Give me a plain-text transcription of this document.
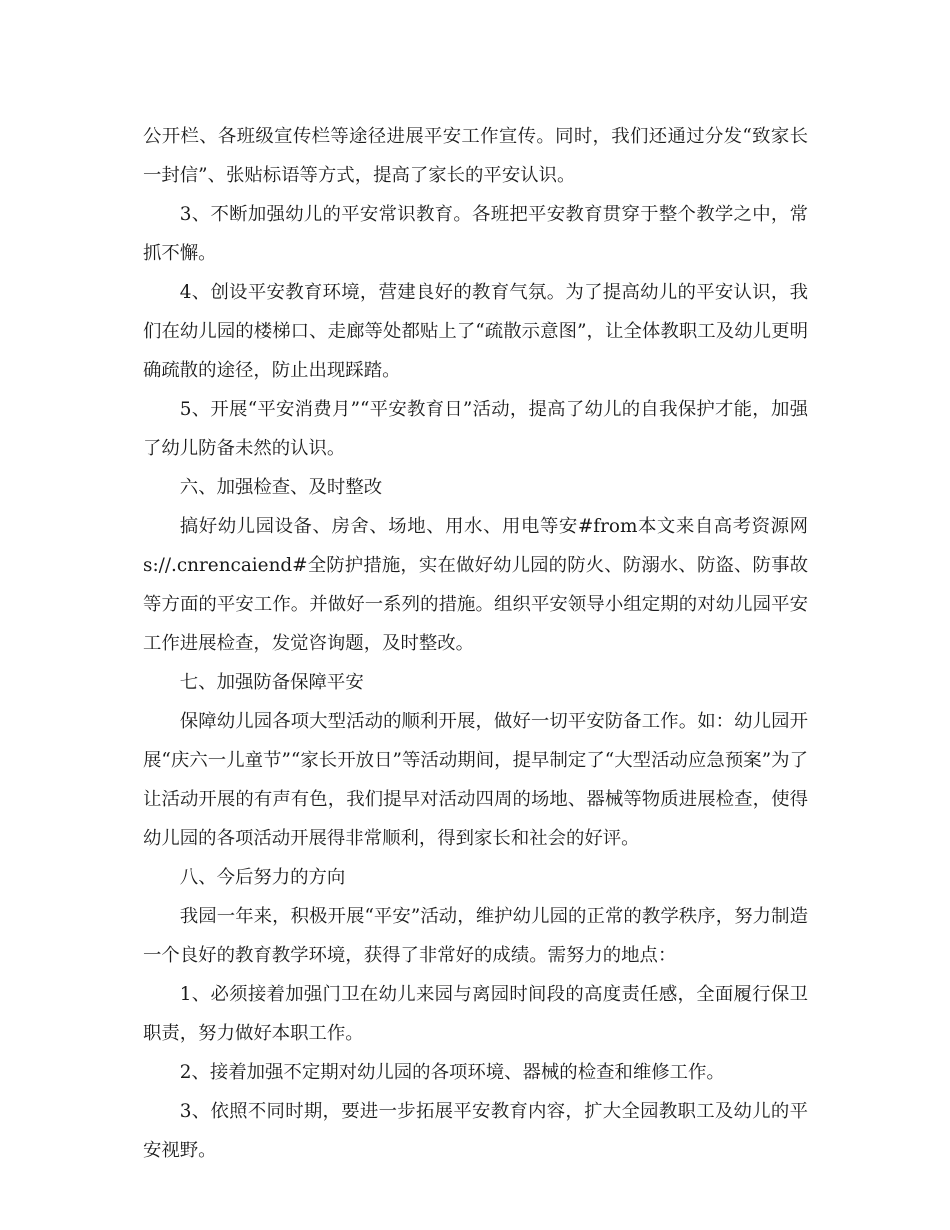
公开栏、各班级宣传栏等途径进展平安工作宣传。同时，我们还通过分发“致家长一封信”、张贴标语等方式，提高了家长的平安认识。

3、不断加强幼儿的平安常识教育。各班把平安教育贯穿于整个教学之中，常抓不懈。

4、创设平安教育环境，营建良好的教育气氛。为了提高幼儿的平安认识，我们在幼儿园的楼梯口、走廊等处都贴上了“疏散示意图”，让全体教职工及幼儿更明确疏散的途径，防止出现踩踏。

5、开展“平安消费月”“平安教育日”活动，提高了幼儿的自我保护才能，加强了幼儿防备未然的认识。

六、加强检查、及时整改

搞好幼儿园设备、房舍、场地、用水、用电等安#from本文来自高考资源网s://.cnrencaiend#全防护措施，实在做好幼儿园的防火、防溺水、防盗、防事故等方面的平安工作。并做好一系列的措施。组织平安领导小组定期的对幼儿园平安工作进展检查，发觉咨询题，及时整改。

七、加强防备保障平安

保障幼儿园各项大型活动的顺利开展，做好一切平安防备工作。如：幼儿园开展“庆六一儿童节”“家长开放日”等活动期间，提早制定了“大型活动应急预案”为了让活动开展的有声有色，我们提早对活动四周的场地、器械等物质进展检查，使得幼儿园的各项活动开展得非常顺利，得到家长和社会的好评。

八、今后努力的方向

我园一年来，积极开展“平安”活动，维护幼儿园的正常的教学秩序，努力制造一个良好的教育教学环境，获得了非常好的成绩。需努力的地点：

1、必须接着加强门卫在幼儿来园与离园时间段的高度责任感，全面履行保卫职责，努力做好本职工作。

2、接着加强不定期对幼儿园的各项环境、器械的检查和维修工作。

3、依照不同时期，要进一步拓展平安教育内容，扩大全园教职工及幼儿的平安视野。
